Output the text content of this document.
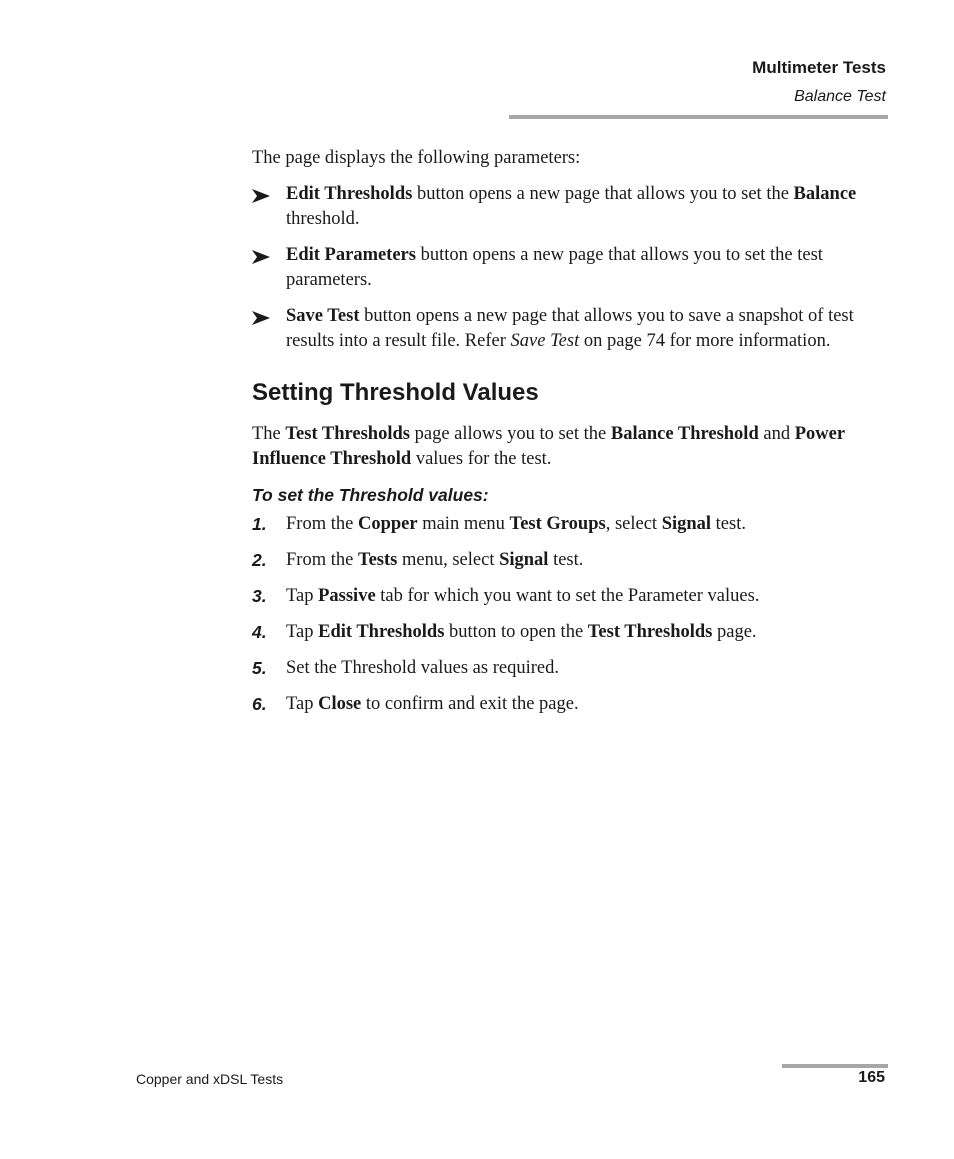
Multimeter Tests
Balance Test

The page displays the following parameters:

Edit Thresholds button opens a new page that allows you to set the Balance threshold.
Edit Parameters button opens a new page that allows you to set the test parameters.
Save Test button opens a new page that allows you to save a snapshot of test results into a result file. Refer Save Test on page 74 for more information.
Setting Threshold Values

The Test Thresholds page allows you to set the Balance Threshold and Power Influence Threshold values for the test.

To set the Threshold values:
1. From the Copper main menu Test Groups, select Signal test.
2. From the Tests menu, select Signal test.
3. Tap Passive tab for which you want to set the Parameter values.
4. Tap Edit Thresholds button to open the Test Thresholds page.
5. Set the Threshold values as required.
6. Tap Close to confirm and exit the page.
Copper and xDSL Tests	165
